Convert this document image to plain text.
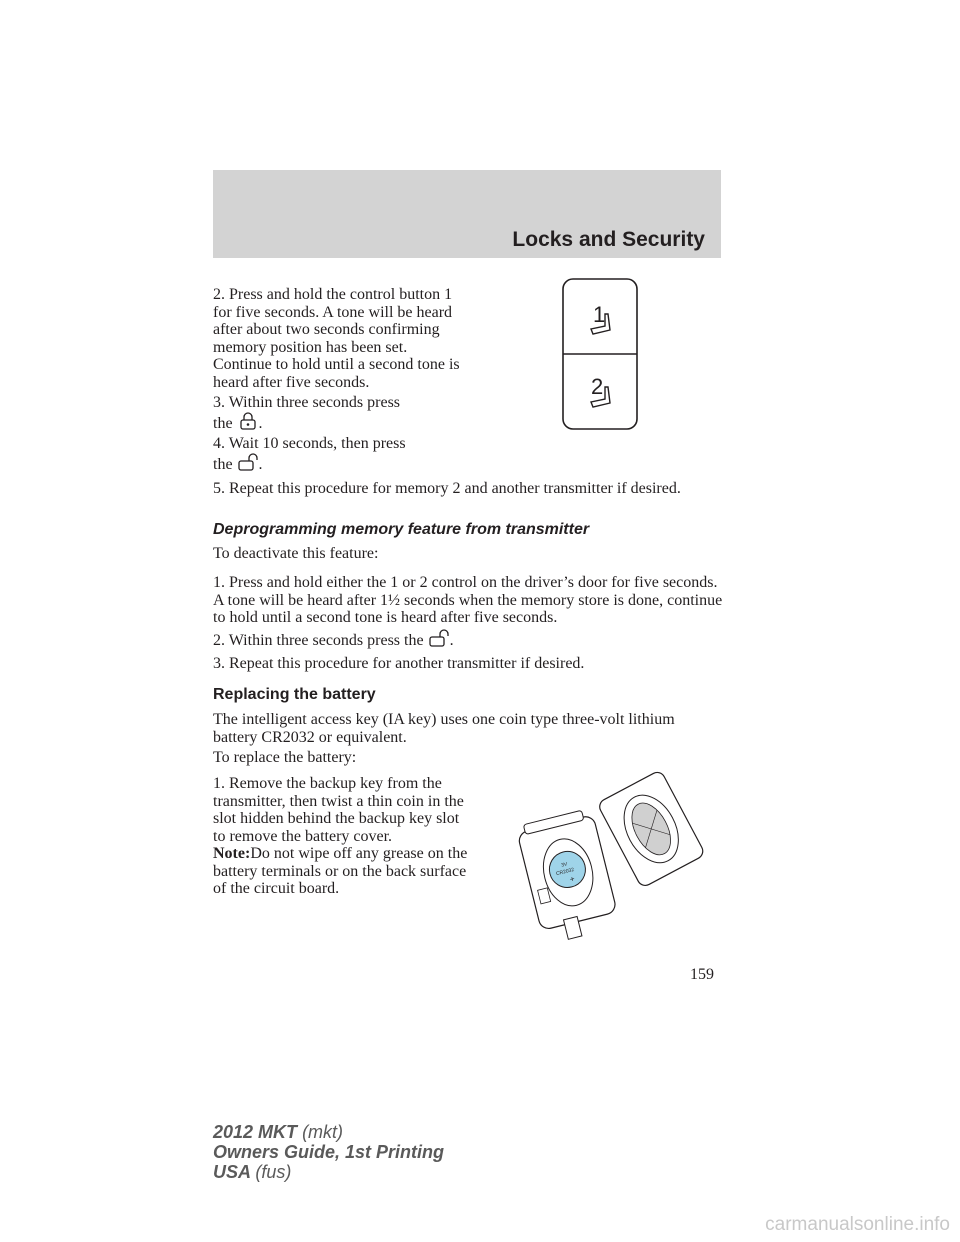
Locks and Security

2. Press and hold the control button 1 for five seconds. A tone will be heard after about two seconds confirming memory position has been set. Continue to hold until a second tone is heard after five seconds.

3. Within three seconds press
the .
4. Wait 10 seconds, then press
the .

5. Repeat this procedure for memory 2 and another transmitter if desired.

1
2
Deprogramming memory feature from transmitter

To deactivate this feature:

1. Press and hold either the 1 or 2 control on the driver’s door for five seconds. A tone will be heard after 1½ seconds when the memory store is done, continue to hold until a second tone is heard after five seconds.

2. Within three seconds press the .

3. Repeat this procedure for another transmitter if desired.

Replacing the battery

The intelligent access key (IA key) uses one coin type three-volt lithium battery CR2032 or equivalent.

To replace the battery:

1. Remove the backup key from the transmitter, then twist a thin coin in the slot hidden behind the backup key slot to remove the battery cover.

Note:Do not wipe off any grease on the battery terminals or on the back surface of the circuit board.

3V
CR2032
+
159
2012 MKT (mkt)
Owners Guide, 1st Printing
USA (fus)
carmanualsonline.info
